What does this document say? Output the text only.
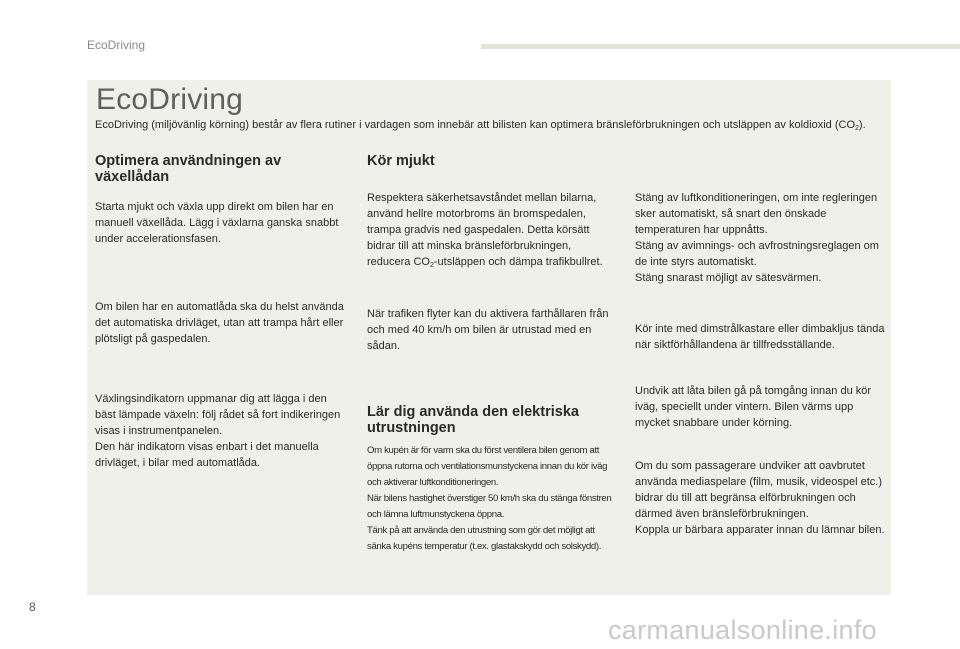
EcoDriving
EcoDriving
EcoDriving (miljövänlig körning) består av flera rutiner i vardagen som innebär att bilisten kan optimera bränsleförbrukningen och utsläppen av koldioxid $(CO_2)$.
Optimera användningen av växellådan
Starta mjukt och växla upp direkt om bilen har en manuell växellåda. Lägg i växlarna ganska snabbt under accelerationsfasen.
Om bilen har en automatlåda ska du helst använda det automatiska drivläget, utan att trampa hårt eller plötsligt på gaspedalen.
Växlingsindikatorn uppmanar dig att lägga i den bäst lämpade växeln: följ rådet så fort indikeringen visas i instrumentpanelen.
Den här indikatorn visas enbart i det manuella drivläget, i bilar med automatlåda.
Kör mjukt
Respektera säkerhetsavståndet mellan bilarna, använd hellre motorbroms än bromspedalen, trampa gradvis ned gaspedalen. Detta körsätt bidrar till att minska bränsleförbrukningen, reducera $CO_2$-utsläppen och dämpa trafikbullret.
När trafiken flyter kan du aktivera farthållaren från och med 40 km/h om bilen är utrustad med en sådan.
Lär dig använda den elektriska utrustningen
Om kupén är för varm ska du först ventilera bilen genom att öppna rutorna och ventilationsmunstyckena innan du kör iväg och aktiverar luftkonditioneringen.
När bilens hastighet överstiger 50 km/h ska du stänga fönstren och lämna luftmunstyckena öppna.
Tänk på att använda den utrustning som gör det möjligt att sänka kupéns temperatur (t.ex. glastakskydd och solskydd).
Stäng av luftkonditioneringen, om inte regleringen sker automatiskt, så snart den önskade temperaturen har uppnåtts.
Stäng av avimnings- och avfrostningsreglagen om de inte styrs automatiskt.
Stäng snarast möjligt av sätesvärmen.
Kör inte med dimstrålkastare eller dimbakljus tända när siktförhållandena är tillfredsställande.
Undvik att låta bilen gå på tomgång innan du kör iväg, speciellt under vintern. Bilen värms upp mycket snabbare under körning.
Om du som passagerare undviker att oavbrutet använda mediaspelare (film, musik, videospel etc.) bidrar du till att begränsa elförbrukningen och därmed även bränsleförbrukningen.
Koppla ur bärbara apparater innan du lämnar bilen.
8
carmanualsonline.info
